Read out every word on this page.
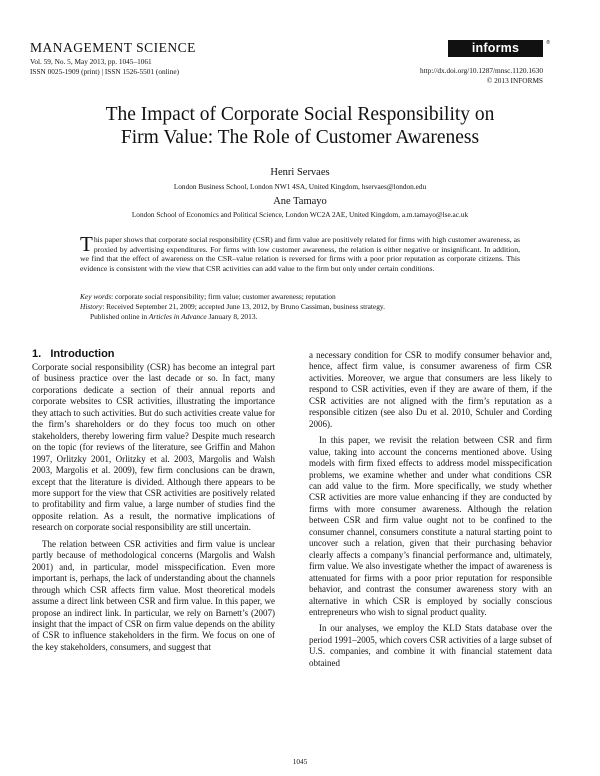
MANAGEMENT SCIENCE
Vol. 59, No. 5, May 2013, pp. 1045–1061
ISSN 0025-1909 (print) | ISSN 1526-5501 (online)
informs	®
http://dx.doi.org/10.1287/mnsc.1120.1630
© 2013 INFORMS
The Impact of Corporate Social Responsibility on
Firm Value: The Role of Customer Awareness
Henri Servaes
London Business School, London NW1 4SA, United Kingdom, hservaes@london.edu
Ane Tamayo
London School of Economics and Political Science, London WC2A 2AE, United Kingdom, a.m.tamayo@lse.ac.uk
This paper shows that corporate social responsibility (CSR) and firm value are positively related for firms with high customer awareness, as proxied by advertising expenditures. For firms with low customer awareness, the relation is either negative or insignificant. In addition, we find that the effect of awareness on the CSR–value relation is reversed for firms with a poor prior reputation as corporate citizens. This evidence is consistent with the view that CSR activities can add value to the firm but only under certain conditions.
Key words: corporate social responsibility; firm value; customer awareness; reputation
History: Received September 21, 2009; accepted June 13, 2012, by Bruno Cassiman, business strategy.
Published online in Articles in Advance January 8, 2013.
1. Introduction

Corporate social responsibility (CSR) has become an integral part of business practice over the last decade or so. In fact, many corporations dedicate a section of their annual reports and corporate websites to CSR activities, illustrating the importance they attach to such activities. But do such activities create value for the firm’s shareholders or do they focus too much on other stakeholders, thereby lowering firm value? Despite much research on the topic (for reviews of the literature, see Griffin and Mahon 1997, Orlitzky 2001, Orlitzky et al. 2003, Margolis and Walsh 2003, Margolis et al. 2009), few firm conclusions can be drawn, except that the literature is divided. Although there appears to be more support for the view that CSR activities are positively related to profitability and firm value, a large number of studies find the opposite relation. As a result, the normative implications of research on corporate social responsibility are still uncertain.

The relation between CSR activities and firm value is unclear partly because of methodological concerns (Margolis and Walsh 2001) and, in particular, model misspecification. Even more important is, perhaps, the lack of understanding about the channels through which CSR affects firm value. Most theoretical models assume a direct link between CSR and firm value. In this paper, we propose an indirect link. In particular, we rely on Barnett’s (2007) insight that the impact of CSR on firm value depends on the ability of CSR to influence stakeholders in the firm. We focus on one of the key stakeholders, consumers, and suggest that

a necessary condition for CSR to modify consumer behavior and, hence, affect firm value, is consumer awareness of firm CSR activities. Moreover, we argue that consumers are less likely to respond to CSR activities, even if they are aware of them, if the CSR activities are not aligned with the firm’s reputation as a responsible citizen (see also Du et al. 2010, Schuler and Cording 2006).

In this paper, we revisit the relation between CSR and firm value, taking into account the concerns mentioned above. Using models with firm fixed effects to address model misspecification problems, we examine whether and under what conditions CSR can add value to the firm. More specifically, we study whether CSR activities are more value enhancing if they are conducted by firms with more consumer awareness. Although the relation between CSR and firm value ought not to be confined to the consumer channel, consumers constitute a natural starting point to uncover such a relation, given that their purchasing behavior clearly affects a company’s financial performance and, ultimately, firm value. We also investigate whether the impact of awareness is attenuated for firms with a poor prior reputation for responsible behavior, and contrast the consumer awareness story with an alternative in which CSR is employed by socially conscious entrepreneurs who wish to signal product quality.

In our analyses, we employ the KLD Stats database over the period 1991–2005, which covers CSR activities of a large subset of U.S. companies, and combine it with financial statement data obtained

1045
